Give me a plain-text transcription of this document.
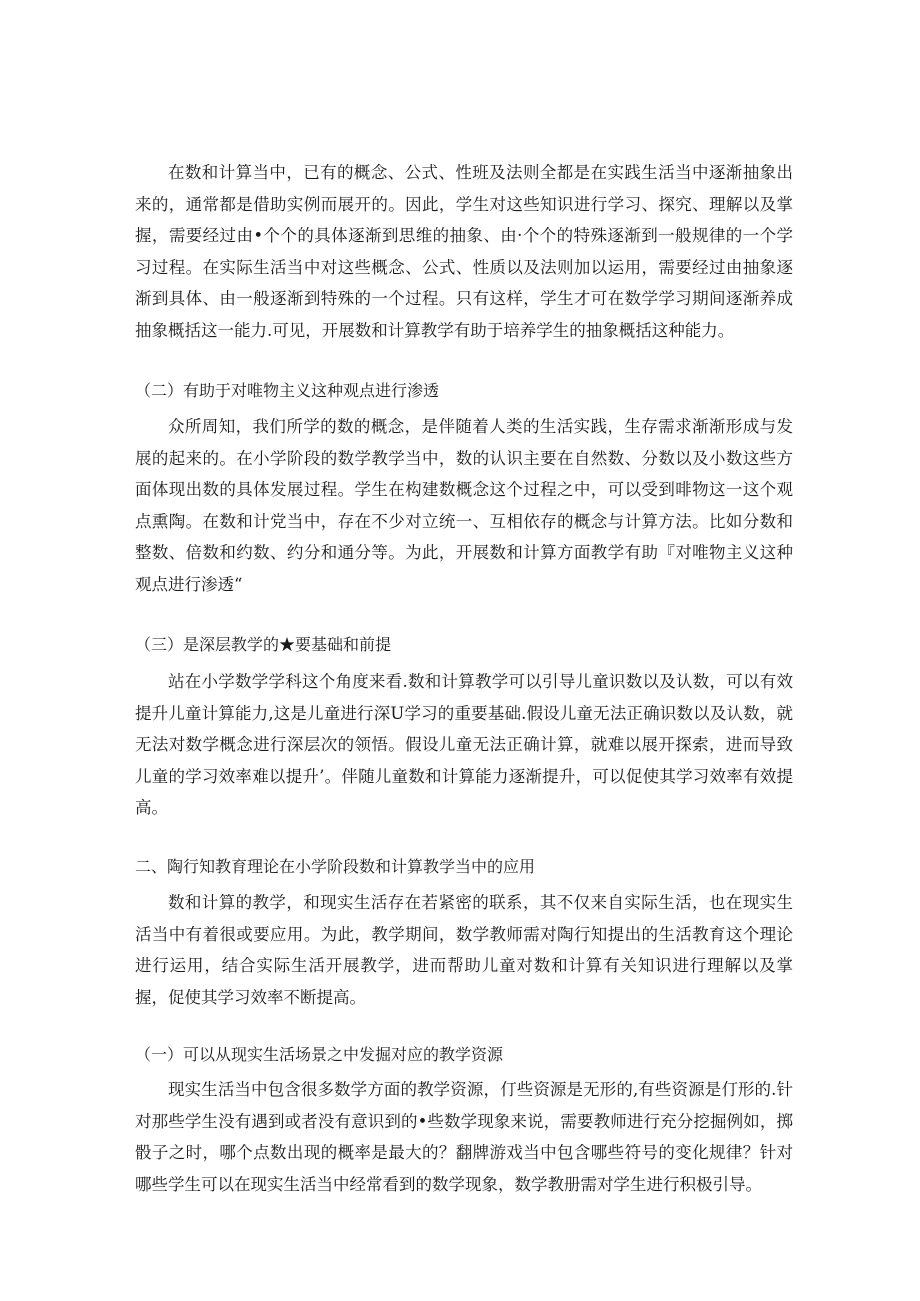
在数和计算当中，已有的概念、公式、性班及法则全都是在实践生活当中逐渐抽象出来的，通常都是借助实例而展开的。因此，学生对这些知识进行学习、探究、理解以及掌握，需要经过由•个个的具体逐渐到思维的抽象、由·个个的特殊逐渐到一般规律的一个学习过程。在实际生活当中对这些概念、公式、性质以及法则加以运用，需要经过由抽象逐渐到具体、由一般逐渐到特殊的一个过程。只有这样，学生才可在数学学习期间逐渐养成抽象概括这一能力.可见，开展数和计算教学有助于培养学生的抽象概括这种能力。

（二）有助于对唯物主义这种观点进行渗透

众所周知，我们所学的数的概念，是伴随着人类的生活实践，生存需求渐渐形成与发展的起来的。在小学阶段的数学教学当中，数的认识主要在自然数、分数以及小数这些方面体现出数的具体发展过程。学生在构建数概念这个过程之中，可以受到啡物这一这个观点熏陶。在数和计党当中，存在不少对立统一、互相依存的概念与计算方法。比如分数和整数、倍数和约数、约分和通分等。为此，开展数和计算方面教学有助『对唯物主义这种观点进行渗透“

（三）是深层教学的★要基础和前提

站在小学数学学科这个角度来看.数和计算教学可以引导儿童识数以及认数，可以有效提升儿童计算能力,这是儿童进行深U学习的重要基础.假设儿童无法正确识数以及认数，就无法对数学概念进行深层次的领悟。假设儿童无法正确计算，就难以展开探索，进而导致儿童的学习效率难以提升’。伴随儿童数和计算能力逐渐提升，可以促使其学习效率有效提高。

二、陶行知教育理论在小学阶段数和计算教学当中的应用

数和计算的教学，和现实生活存在若紧密的联系，其不仅来自实际生活，也在现实生活当中有着很或要应用。为此，教学期间，数学教师需对陶行知提出的生活教育这个理论进行运用，结合实际生活开展教学，进而帮助儿童对数和计算有关知识进行理解以及掌握，促使其学习效率不断提高。

（一）可以从现实生活场景之中发掘对应的教学资源

现实生活当中包含很多数学方面的教学资源，仃些资源是无形的,有些资源是仃形的.针对那些学生没有遇到或者没有意识到的•些数学现象来说，需要教师进行充分挖掘例如，掷骰子之时，哪个点数出现的概率是最大的？翻牌游戏当中包含哪些符号的变化规律？针对哪些学生可以在现实生活当中经常看到的数学现象，数学教册需对学生进行积极引导。
